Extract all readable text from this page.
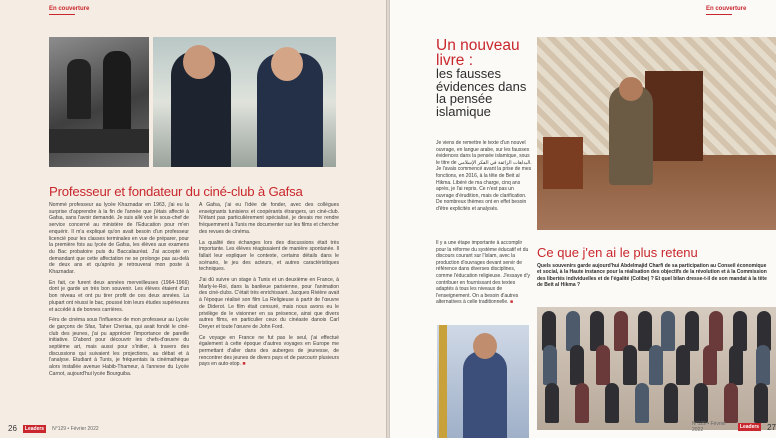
En couverture
Professeur et fondateur du ciné-club à Gafsa

Nommé professeur au lycée Khaznadar en 1963, j'ai eu la surprise d'apprendre à la fin de l'année que j'étais affecté à Gafsa, sans l'avoir demandé. Je suis allé voir le sous-chef de service concerné au ministère de l'Education pour m'en enquérir. Il m'a expliqué qu'on avait besoin d'un professeur licencié pour les classes terminales en vue de préparer, pour la première fois au lycée de Gafsa, les élèves aux examens du Bac probatoire puis du Baccalauréat. J'ai accepté en demandant que cette affectation ne se prolonge pas au-delà de deux ans et qu'après je retrouverai mon poste à Khaznadar.

En fait, ce furent deux années merveilleuses (1964-1966) dont je garde un très bon souvenir. Les élèves étaient d'un bon niveau et ont pu tirer profit de ces deux années. La plupart ont réussi le bac, poussé loin leurs études supérieures et accédé à de bonnes carrières.

Féru de cinéma sous l'influence de mon professeur au Lycée de garçons de Sfax, Taher Cheriaa, qui avait fondé le ciné-club des jeunes, j'ai pu apprécier l'importance de pareille initiative. D'abord pour découvrir les chefs-d'œuvre du septième art, mais aussi pour s'initier, à travers des discussions qui suivaient les projections, au débat et à l'analyse. Etudiant à Tunis, je fréquentais la cinémathèque alors installée avenue Habib-Thameur, à l'annexe du Lycée Carnot, aujourd'hui lycée Bourguiba.

A Gafsa, j'ai eu l'idée de fonder, avec des collègues enseignants tunisiens et coopérants étrangers, un ciné-club. N'étant pas particulièrement spécialisé, je devais me rendre fréquemment à Tunis me documenter sur les films et chercher des revues de cinéma.

La qualité des échanges lors des discussions était très importante. Les élèves réagissaient de manière spontanée. Il fallait leur expliquer le contexte, certains détails dans le scénario, le jeu des acteurs, et autres caractéristiques techniques.

J'ai dû suivre un stage à Tunis et un deuxième en France, à Marly-le-Roi, dans la banlieue parisienne, pour l'animation des ciné-clubs. C'était très enrichissant. Jacques Rivière avait à l'époque réalisé son film La Religieuse à partir de l'œuvre de Diderot. Le film était censuré, mais nous avons eu le privilège de le visionner en sa présence, ainsi que divers autres films, en particulier ceux du cinéaste danois Carl Dreyer et toute l'œuvre de John Ford.

Ce voyage en France ne fut pas le seul, j'ai effectué également à cette époque d'autres voyages en Europe me permettant d'aller dans des auberges de jeunesse, de rencontrer des jeunes de divers pays et de parcourir plusieurs pays en auto-stop. ■

26	Leaders	N°129 • Février 2022
En couverture
Un nouveau livre :
les fausses évidences dans la pensée islamique
Je viens de remettre le texte d'un nouvel ouvrage, en langue arabe, sur les fausses évidences dans la pensée islamique, sous le titre de البداهات الزائفة في الفكر الإسلامي. Je l'avais commencé avant la prise de mes fonctions, en 2016, à la tête de Beit al Hikma. Libéré de ma charge, cinq ans après, je l'ai repris. Ce n'est pas un ouvrage d'érudition, mais de clarification. De nombreux thèmes ont en effet besoin d'être explicités et analysés.
Il y a une étape importante à accomplir pour la réforme du système éducatif et du discours courant sur l'Islam, avec la production d'ouvrages devant servir de référence dans diverses disciplines, comme l'éducation religieuse. J'essaye d'y contribuer en fournissant des textes adaptés à tous les niveaux de l'enseignement. On a besoin d'autres alternatives à celle traditionnelle. ■
Ce que j'en ai le plus retenu
Quels souvenirs garde aujourd'hui Abdelmajid Charfi de sa participation au Conseil économique et social, à la Haute instance pour la réalisation des objectifs de la révolution et à la Commission des libertés individuelles et de l'égalité (Colibe) ? Et quel bilan dresse-t-il de son mandat à la tête de Beit al Hikma ?
N°129 • Février 2022	Leaders 27
